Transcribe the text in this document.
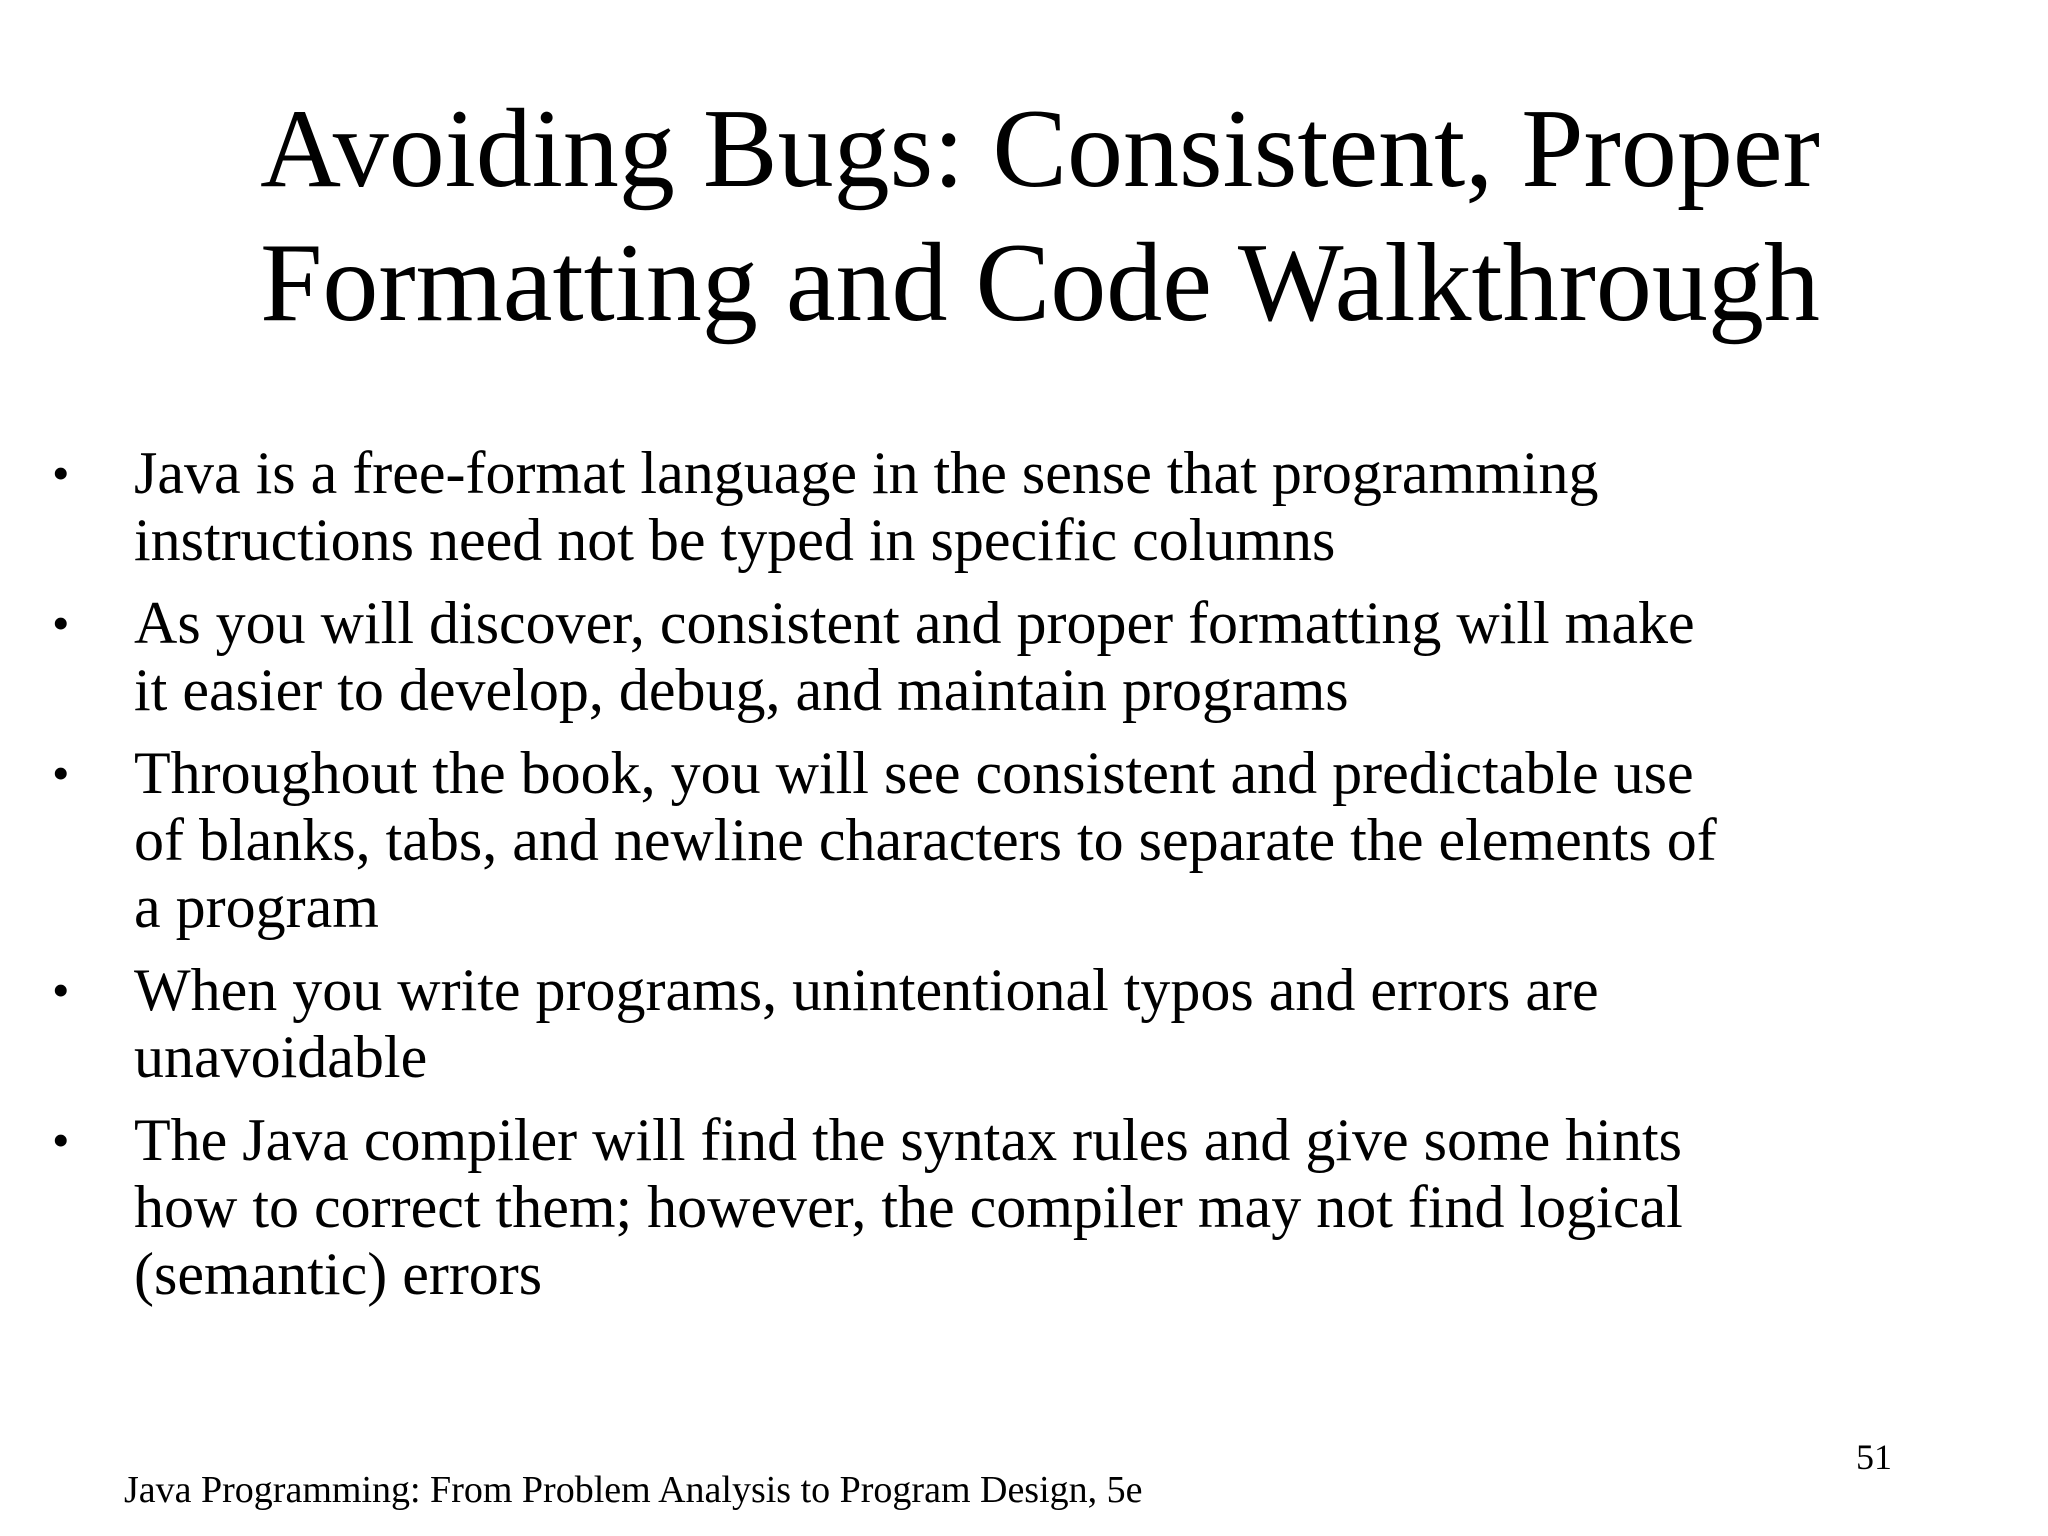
Avoiding Bugs: Consistent, Proper
Formatting and Code Walkthrough
•	Java is a free-format language in the sense that programming
instructions need not be typed in specific columns
•	As you will discover, consistent and proper formatting will make
it easier to develop, debug, and maintain programs
•	Throughout the book, you will see consistent and predictable use
of blanks, tabs, and newline characters to separate the elements of
a program
•	When you write programs, unintentional typos and errors are
unavoidable
•	The Java compiler will find the syntax rules and give some hints
how to correct them; however, the compiler may not find logical
(semantic) errors
51
Java Programming: From Problem Analysis to Program Design, 5e
